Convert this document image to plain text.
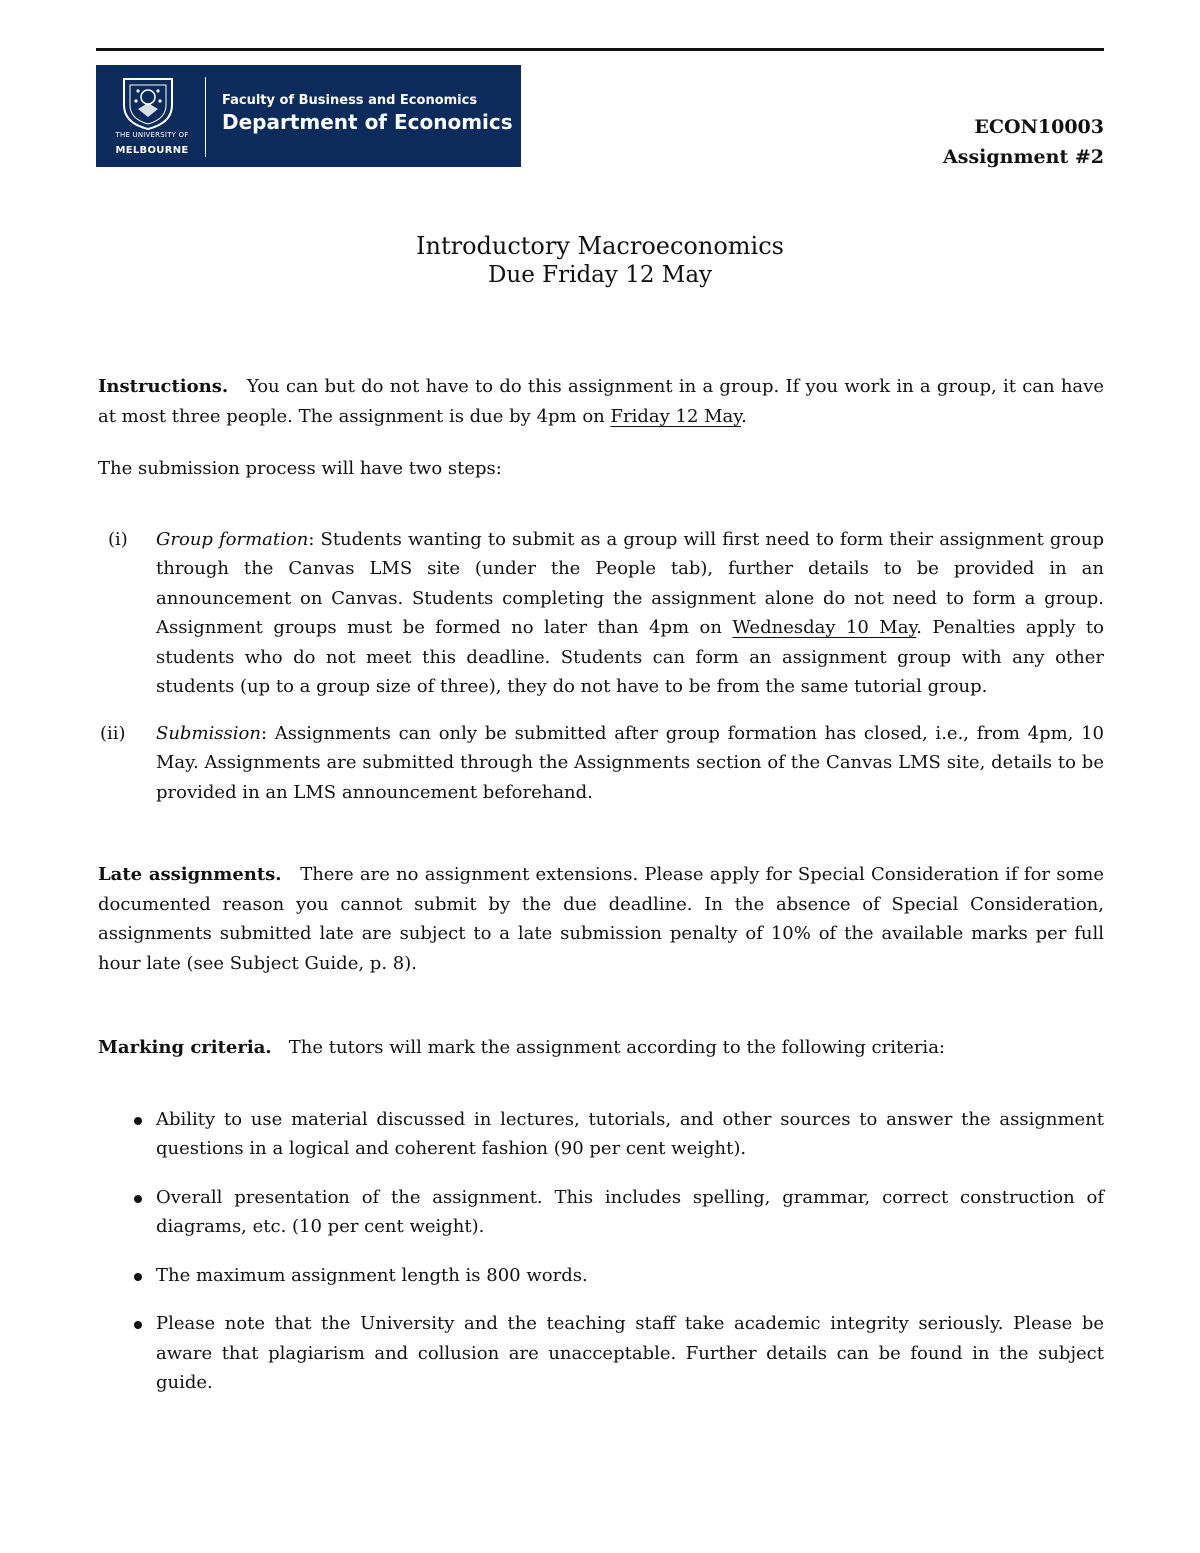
THE UNIVERSITY OF
MELBOURNE
Faculty of Business and Economics
Department of Economics	ECON10003
Assignment #2
Introductory Macroeconomics
Due Friday 12 May

Instructions. You can but do not have to do this assignment in a group. If you work in a group, it can have at most three people. The assignment is due by 4pm on Friday 12 May.

The submission process will have two steps:

(i) Group formation: Students wanting to submit as a group will first need to form their assignment group through the Canvas LMS site (under the People tab), further details to be provided in an announcement on Canvas. Students completing the assignment alone do not need to form a group. Assignment groups must be formed no later than 4pm on Wednesday 10 May. Penalties apply to students who do not meet this deadline. Students can form an assignment group with any other students (up to a group size of three), they do not have to be from the same tutorial group.
(ii) Submission: Assignments can only be submitted after group formation has closed, i.e., from 4pm, 10 May. Assignments are submitted through the Assignments section of the Canvas LMS site, details to be provided in an LMS announcement beforehand.

Late assignments. There are no assignment extensions. Please apply for Special Consideration if for some documented reason you cannot submit by the due deadline. In the absence of Special Consideration, assignments submitted late are subject to a late submission penalty of 10% of the available marks per full hour late (see Subject Guide, p. 8).

Marking criteria. The tutors will mark the assignment according to the following criteria:

Ability to use material discussed in lectures, tutorials, and other sources to answer the assignment questions in a logical and coherent fashion (90 per cent weight).
Overall presentation of the assignment. This includes spelling, grammar, correct construction of diagrams, etc. (10 per cent weight).
The maximum assignment length is 800 words.
Please note that the University and the teaching staff take academic integrity seriously. Please be aware that plagiarism and collusion are unacceptable. Further details can be found in the subject guide.
